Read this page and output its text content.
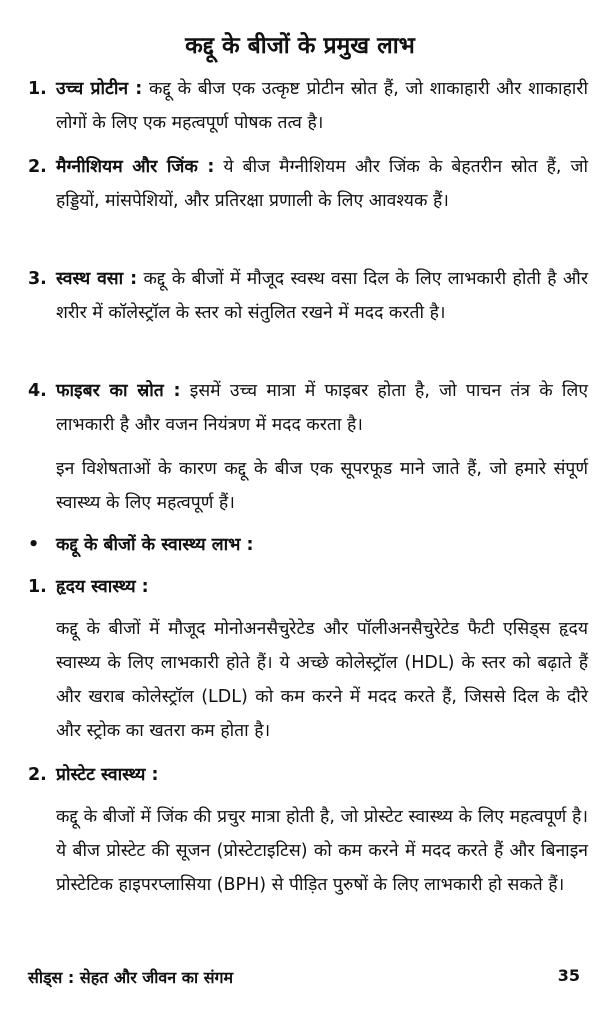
कद्दू के बीजों के प्रमुख लाभ
1. उच्च प्रोटीन : कद्दू के बीज एक उत्कृष्ट प्रोटीन स्रोत हैं, जो शाकाहारी और शाकाहारी लोगों के लिए एक महत्वपूर्ण पोषक तत्व है।
2. मैग्नीशियम और जिंक : ये बीज मैग्नीशियम और जिंक के बेहतरीन स्रोत हैं, जो हड्डियों, मांसपेशियों, और प्रतिरक्षा प्रणाली के लिए आवश्यक हैं।
3. स्वस्थ वसा : कद्दू के बीजों में मौजूद स्वस्थ वसा दिल के लिए लाभकारी होती है और शरीर में कॉलेस्ट्रॉल के स्तर को संतुलित रखने में मदद करती है।
4. फाइबर का स्रोत : इसमें उच्च मात्रा में फाइबर होता है, जो पाचन तंत्र के लिए लाभकारी है और वजन नियंत्रण में मदद करता है।
इन विशेषताओं के कारण कद्दू के बीज एक सूपरफूड माने जाते हैं, जो हमारे संपूर्ण स्वास्थ्य के लिए महत्वपूर्ण हैं।
• कद्दू के बीजों के स्वास्थ्य लाभ :
1. हृदय स्वास्थ्य :
कद्दू के बीजों में मौजूद मोनोअनसैचुरेटेड और पॉलीअनसैचुरेटेड फैटी एसिड्स हृदय स्वास्थ्य के लिए लाभकारी होते हैं। ये अच्छे कोलेस्ट्रॉल (HDL) के स्तर को बढ़ाते हैं और खराब कोलेस्ट्रॉल (LDL) को कम करने में मदद करते हैं, जिससे दिल के दौरे और स्ट्रोक का खतरा कम होता है।
2. प्रोस्टेट स्वास्थ्य :
कद्दू के बीजों में जिंक की प्रचुर मात्रा होती है, जो प्रोस्टेट स्वास्थ्य के लिए महत्वपूर्ण है। ये बीज प्रोस्टेट की सूजन (प्रोस्टेटाइटिस) को कम करने में मदद करते हैं और बिनाइन प्रोस्टेटिक हाइपरप्लासिया (BPH) से पीड़ित पुरुषों के लिए लाभकारी हो सकते हैं।
सीड्स : सेहत और जीवन का संगम	35
